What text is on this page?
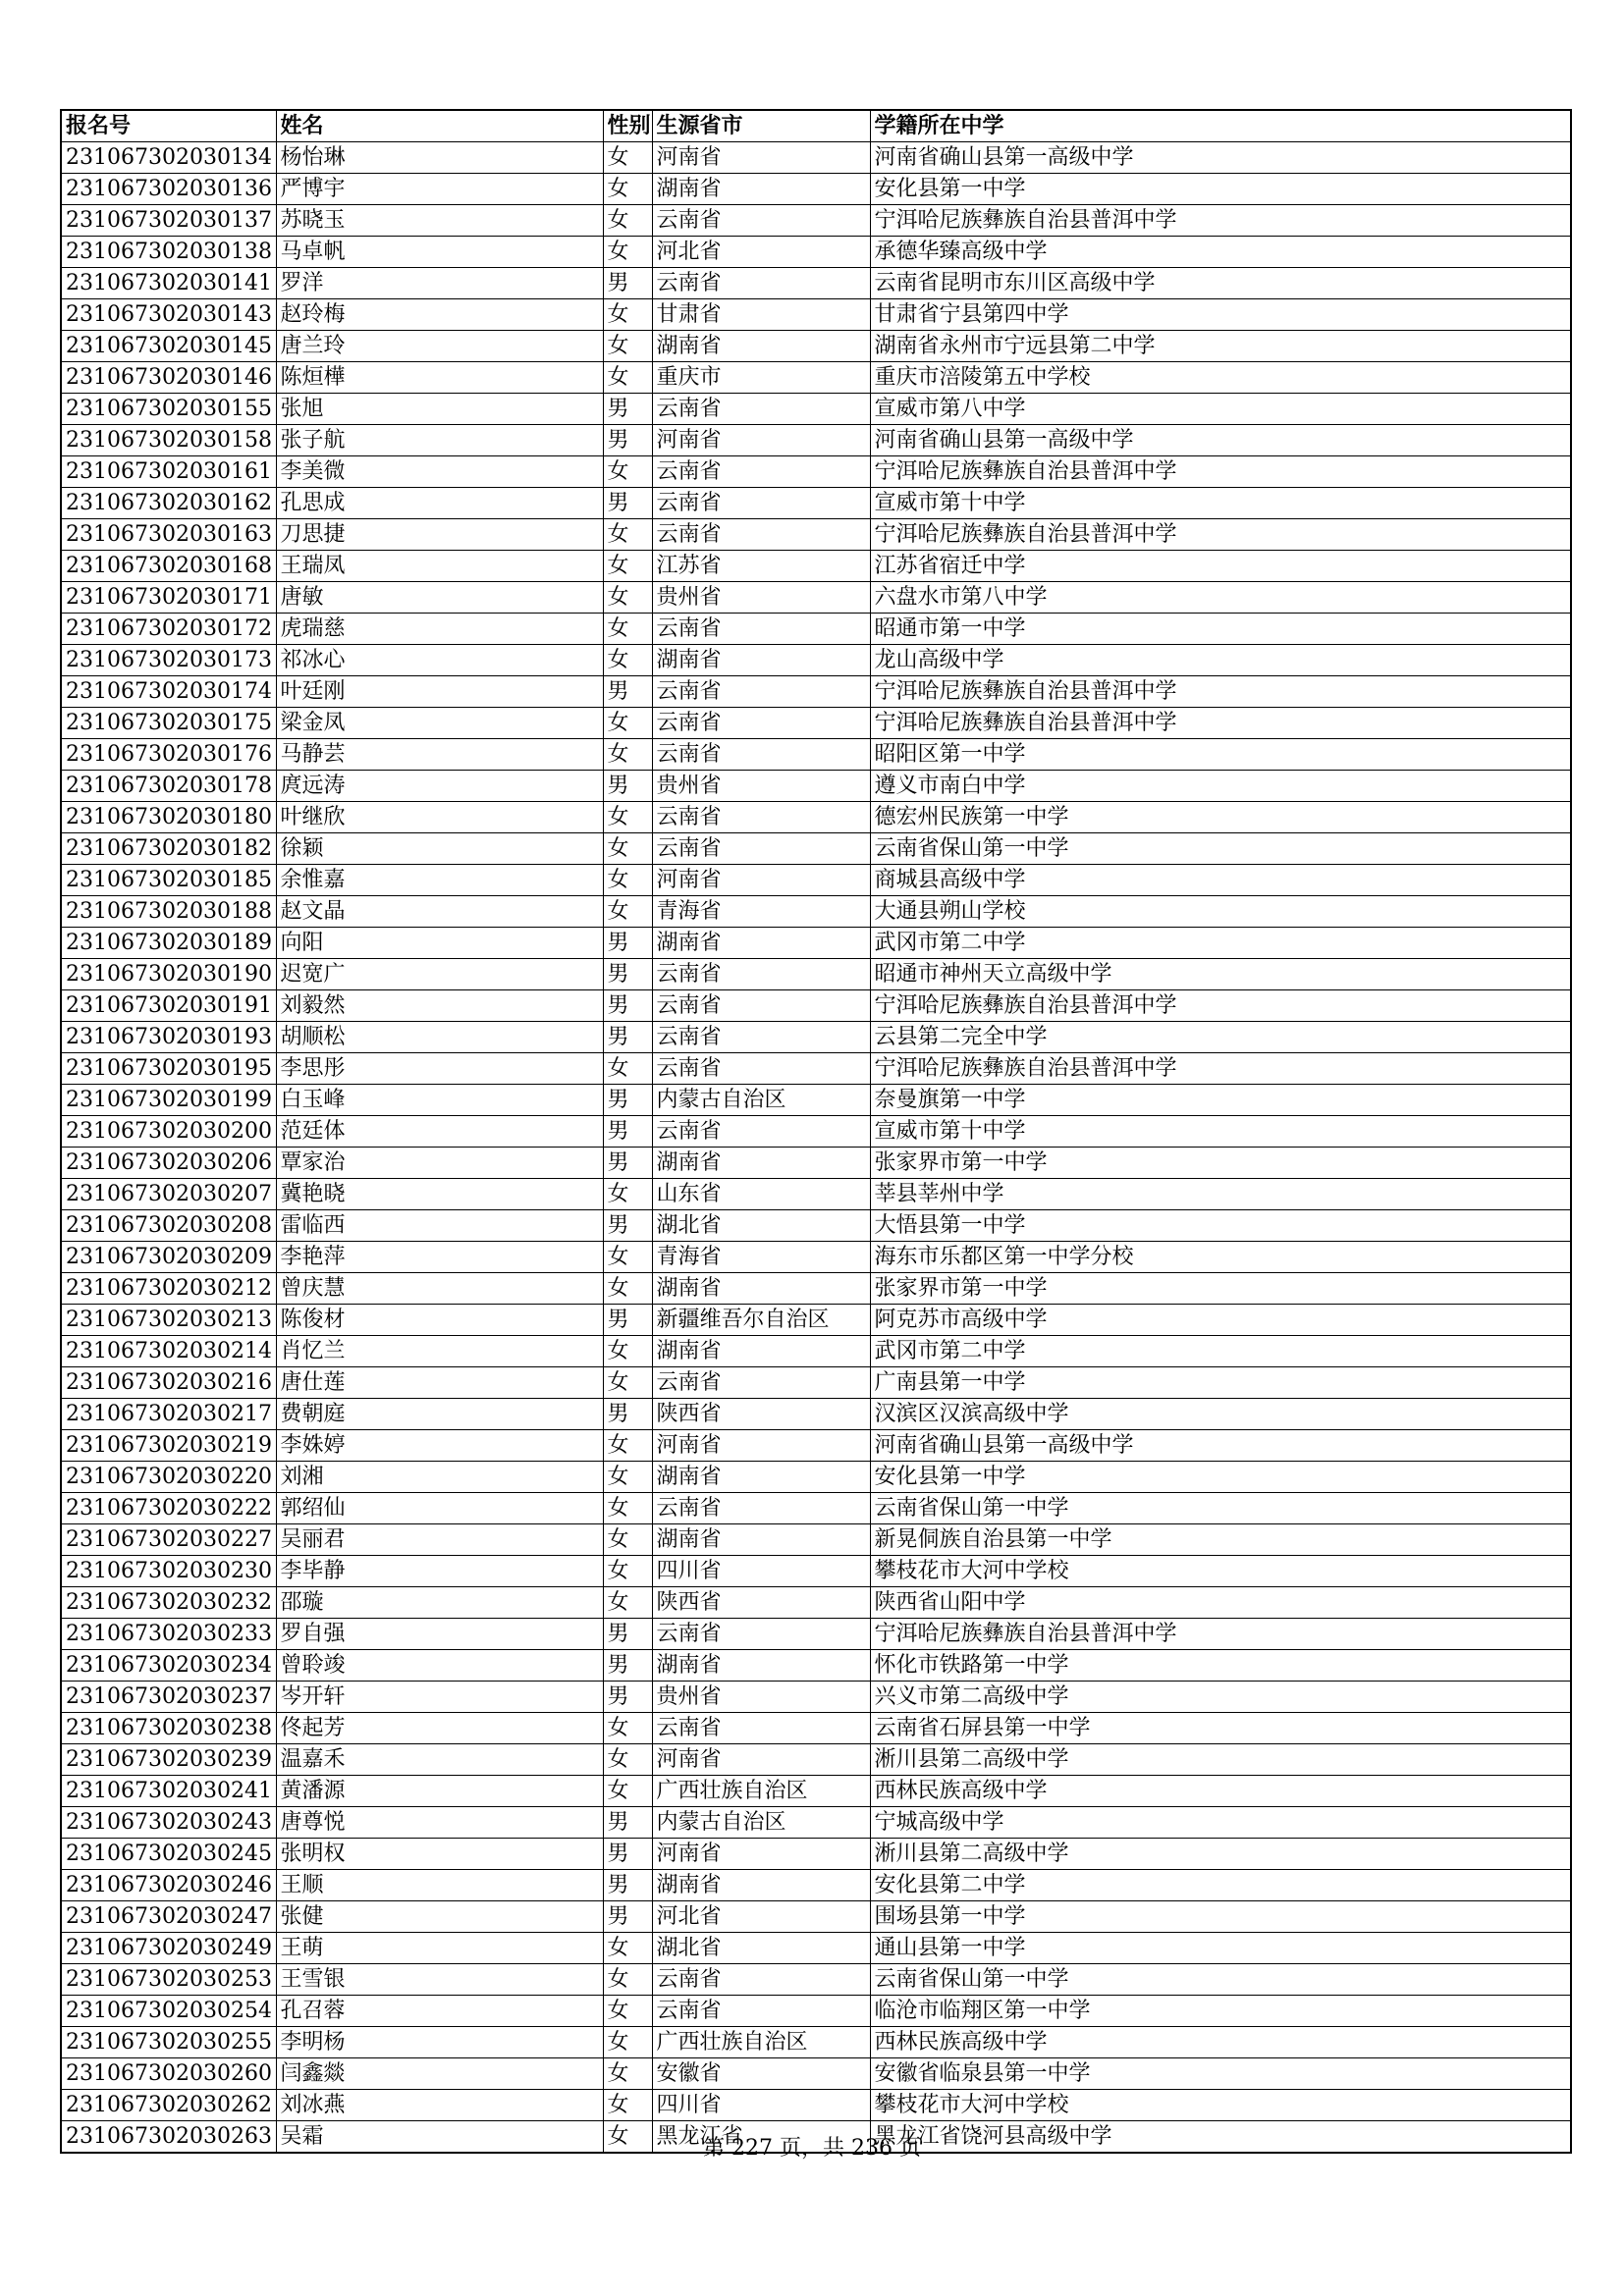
报名号	姓名	性别	生源省市	学籍所在中学
231067302030134	杨怡琳	女	河南省	河南省确山县第一高级中学
231067302030136	严博宇	女	湖南省	安化县第一中学
231067302030137	苏晓玉	女	云南省	宁洱哈尼族彝族自治县普洱中学
231067302030138	马卓帆	女	河北省	承德华臻高级中学
231067302030141	罗洋	男	云南省	云南省昆明市东川区高级中学
231067302030143	赵玲梅	女	甘肃省	甘肃省宁县第四中学
231067302030145	唐兰玲	女	湖南省	湖南省永州市宁远县第二中学
231067302030146	陈烜樺	女	重庆市	重庆市涪陵第五中学校
231067302030155	张旭	男	云南省	宣威市第八中学
231067302030158	张子航	男	河南省	河南省确山县第一高级中学
231067302030161	李美微	女	云南省	宁洱哈尼族彝族自治县普洱中学
231067302030162	孔思成	男	云南省	宣威市第十中学
231067302030163	刀思捷	女	云南省	宁洱哈尼族彝族自治县普洱中学
231067302030168	王瑞凤	女	江苏省	江苏省宿迁中学
231067302030171	唐敏	女	贵州省	六盘水市第八中学
231067302030172	虎瑞慈	女	云南省	昭通市第一中学
231067302030173	祁冰心	女	湖南省	龙山高级中学
231067302030174	叶廷刚	男	云南省	宁洱哈尼族彝族自治县普洱中学
231067302030175	梁金凤	女	云南省	宁洱哈尼族彝族自治县普洱中学
231067302030176	马静芸	女	云南省	昭阳区第一中学
231067302030178	庹远涛	男	贵州省	遵义市南白中学
231067302030180	叶继欣	女	云南省	德宏州民族第一中学
231067302030182	徐颖	女	云南省	云南省保山第一中学
231067302030185	余惟嘉	女	河南省	商城县高级中学
231067302030188	赵文晶	女	青海省	大通县朔山学校
231067302030189	向阳	男	湖南省	武冈市第二中学
231067302030190	迟宽广	男	云南省	昭通市神州天立高级中学
231067302030191	刘毅然	男	云南省	宁洱哈尼族彝族自治县普洱中学
231067302030193	胡顺松	男	云南省	云县第二完全中学
231067302030195	李思彤	女	云南省	宁洱哈尼族彝族自治县普洱中学
231067302030199	白玉峰	男	内蒙古自治区	奈曼旗第一中学
231067302030200	范廷体	男	云南省	宣威市第十中学
231067302030206	覃家治	男	湖南省	张家界市第一中学
231067302030207	冀艳晓	女	山东省	莘县莘州中学
231067302030208	雷临西	男	湖北省	大悟县第一中学
231067302030209	李艳萍	女	青海省	海东市乐都区第一中学分校
231067302030212	曾庆慧	女	湖南省	张家界市第一中学
231067302030213	陈俊材	男	新疆维吾尔自治区	阿克苏市高级中学
231067302030214	肖忆兰	女	湖南省	武冈市第二中学
231067302030216	唐仕莲	女	云南省	广南县第一中学
231067302030217	费朝庭	男	陕西省	汉滨区汉滨高级中学
231067302030219	李姝婷	女	河南省	河南省确山县第一高级中学
231067302030220	刘湘	女	湖南省	安化县第一中学
231067302030222	郭绍仙	女	云南省	云南省保山第一中学
231067302030227	吴丽君	女	湖南省	新晃侗族自治县第一中学
231067302030230	李毕静	女	四川省	攀枝花市大河中学校
231067302030232	邵璇	女	陕西省	陕西省山阳中学
231067302030233	罗自强	男	云南省	宁洱哈尼族彝族自治县普洱中学
231067302030234	曾聆竣	男	湖南省	怀化市铁路第一中学
231067302030237	岑开轩	男	贵州省	兴义市第二高级中学
231067302030238	佟起芳	女	云南省	云南省石屏县第一中学
231067302030239	温嘉禾	女	河南省	淅川县第二高级中学
231067302030241	黄潘源	女	广西壮族自治区	西林民族高级中学
231067302030243	唐尊悦	男	内蒙古自治区	宁城高级中学
231067302030245	张明权	男	河南省	淅川县第二高级中学
231067302030246	王顺	男	湖南省	安化县第二中学
231067302030247	张健	男	河北省	围场县第一中学
231067302030249	王萌	女	湖北省	通山县第一中学
231067302030253	王雪银	女	云南省	云南省保山第一中学
231067302030254	孔召蓉	女	云南省	临沧市临翔区第一中学
231067302030255	李明杨	女	广西壮族自治区	西林民族高级中学
231067302030260	闫鑫燚	女	安徽省	安徽省临泉县第一中学
231067302030262	刘冰燕	女	四川省	攀枝花市大河中学校
231067302030263	吴霜	女	黑龙江省	黑龙江省饶河县高级中学
第 227 页，共 236 页
